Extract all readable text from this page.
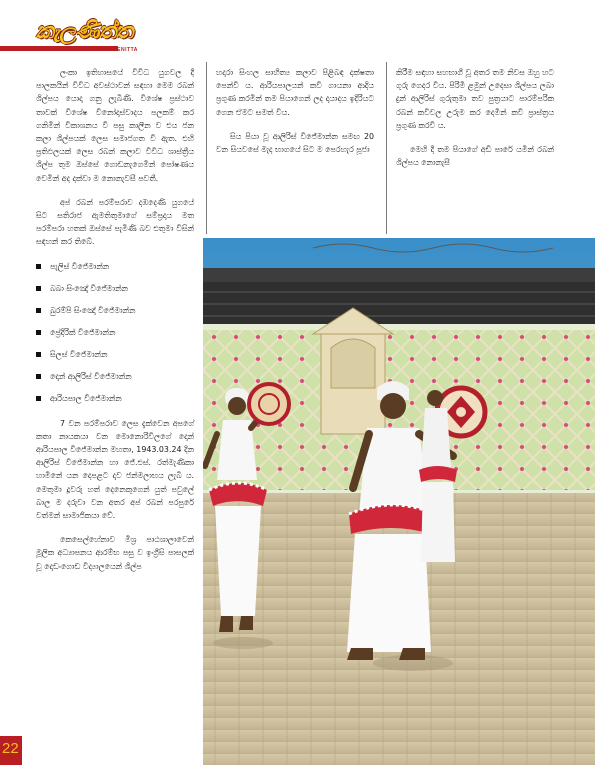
කැලණිත්ත
KALATHENITTA

ලංකා ඉතිහාසයේ විවිධ යුගවල දී පාලකයින් විවිධ අවස්ථාවන් සඳහා මෙම රබන් ශිල්පය යොදා ගනු ලැබිණි. විශේෂ ප්‍රස්ථාව තාවක් විශේෂ විනෝදාස්වාදය පලකම් කර ගනිමින් විකාශනය වී පසු කාලීන ව එය ජන කලා ශිල්පයක් ලෙස සමාජගත වී ඇත. එහි ප්‍රතිඵලයක් ලෙස රබන් කලාව විවිධ ශාස්ත්‍රීය ශිල්ප තුම ඔස්සේ ගොඩනැගෙමින් පෝෂණය වෙමින් අද දක්වා ම නොනැවසී පවතී.

අප් රබන් පරම්පරාව දඹදෙණි යුගයේ සිට සතිරාජ ඇමතිතුමාගේ සම්ප්‍රදාය මත පරම්පරා හතක් ඔස්සේ පැමිණි බව එතුමා විසින් සඳහන් කර තිබේ.

පැලිස් විජේමාන්න
බබා සිංඤෝ විජේමාන්න
බුරම්පි සිංඤෝ විජේමාන්න
ප්‍රේදිරික් විජේමාන්න
සිලස් විජේමාන්න
දොන් ආලිරිස් විජේමාන්න
ආරියපාල විජේමාන්න

7 වන පරම්පරාව ලෙස දැක්වෙන අපගේ කතා නායකයා වන මොනොරිවිලගේ දොන් ආරියපාල විජේමාන්න මහතා, 1943.03.24 දින ආලිරිස් විජේමාන්න හා ජේ.එස්. රත්මැණිකා හාමිනේ යන දෙපළට දාව ජන්මලාභය ලැබී ය. මෙතුමා දූවරු හත් දෙනෙකුගෙන් යුත් පවුලේ බාල ම දරුවා වන අතර අප් රබන් පරපුරේ වත්මන් සාමාජිකයා වේ.

කෙසෙල්හේනාව මිශ්‍ර පාඨශාලාවෙන් මූලික අධ්‍යාපනය ආරම්භ පසු ව ඉංග්‍රීසි පාසලක් වූ දොඩංගොඩ විද්‍යාලයෙන් ශිල්ප

හදාරා සිංහල සාහිත්‍ය කලාව පිළිබඳ දක්ෂතා පෙන්වී ය. ආරියපාලයන් කවි ගායනා ආදිය ප්‍රගුණ කරමින් තම පියාගෙන් ලද දායාදය ඉදිරියට ගෙන ඒමට සමත් විය.

සිය පියා වූ ආලිරිස් විජේමාන්න සමඟ 20 වන සියවසේ මැද භාගයේ සිට ම පෙරහැර පූජා

කිරීම සඳහා සහභාගී වූ අතර තම නිවස ඔහු හට ගුරු ගෙදර විය. පිරිමි ළමුන් උදෙසා ශිල්පය ලබා දුන් ආලිරිස් ගුරුතුමා තව පුත්‍රයාට පාරම්පරික රබන් කවිවල උරුම කර දෙමින් කවි ප්‍රාස්ත්‍රය ප්‍රගුණ කරවී ය.

මෙහි දී තම පියාගේ අඩි පාරේ යමින් රබන් ශිල්පය නොනැසී

22
